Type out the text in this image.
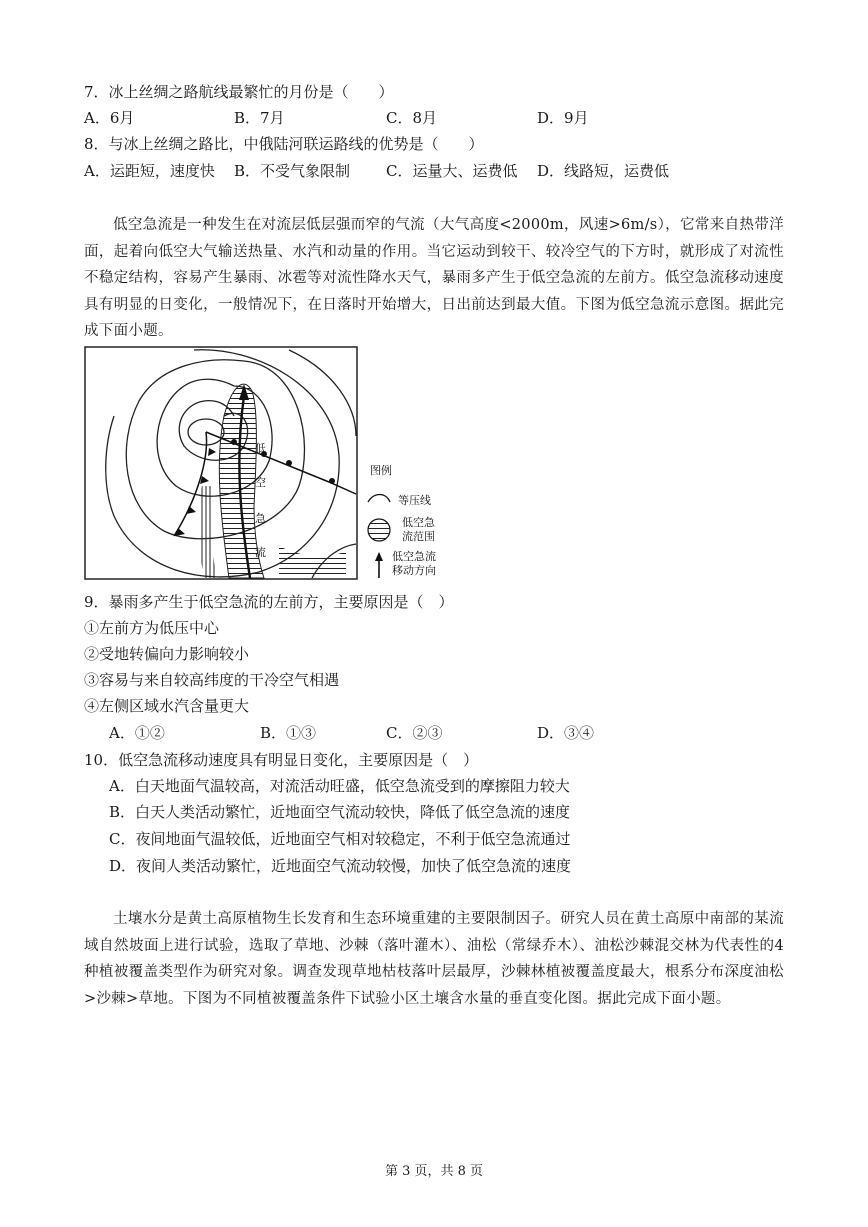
7．冰上丝绸之路航线最繁忙的月份是（　　）
A．6月	B．7月	C．8月	D．9月
8．与冰上丝绸之路比，中俄陆河联运路线的优势是（　　）
A．运距短，速度快 B．不受气象限制 C．运量大、运费低 D．线路短，运费低
低空急流是一种发生在对流层低层强而窄的气流（大气高度<2000m，风速>6m/s），它常来自热带洋面，起着向低空大气输送热量、水汽和动量的作用。当它运动到较干、较冷空气的下方时，就形成了对流性不稳定结构，容易产生暴雨、冰雹等对流性降水天气，暴雨多产生于低空急流的左前方。低空急流移动速度具有明显的日变化，一般情况下，在日落时开始增大，日出前达到最大值。下图为低空急流示意图。据此完成下面小题。
低
空
急
流
图例
等压线
低空急
流范围
低空急流
移动方向
9．暴雨多产生于低空急流的左前方，主要原因是（　）
①左前方为低压中心
②受地转偏向力影响较小
③容易与来自较高纬度的干冷空气相遇
④左侧区域水汽含量更大
A．①②	B．①③	C．②③	D．③④
10．低空急流移动速度具有明显日变化，主要原因是（　）
A．白天地面气温较高，对流活动旺盛，低空急流受到的摩擦阻力较大
B．白天人类活动繁忙，近地面空气流动较快，降低了低空急流的速度
C．夜间地面气温较低，近地面空气相对较稳定，不利于低空急流通过
D．夜间人类活动繁忙，近地面空气流动较慢，加快了低空急流的速度
土壤水分是黄土高原植物生长发育和生态环境重建的主要限制因子。研究人员在黄土高原中南部的某流域自然坡面上进行试验，选取了草地、沙棘（落叶灌木）、油松（常绿乔木）、油松沙棘混交林为代表性的4种植被覆盖类型作为研究对象。调查发现草地枯枝落叶层最厚，沙棘林植被覆盖度最大，根系分布深度油松>沙棘>草地。下图为不同植被覆盖条件下试验小区土壤含水量的垂直变化图。据此完成下面小题。
第 3 页，共 8 页
